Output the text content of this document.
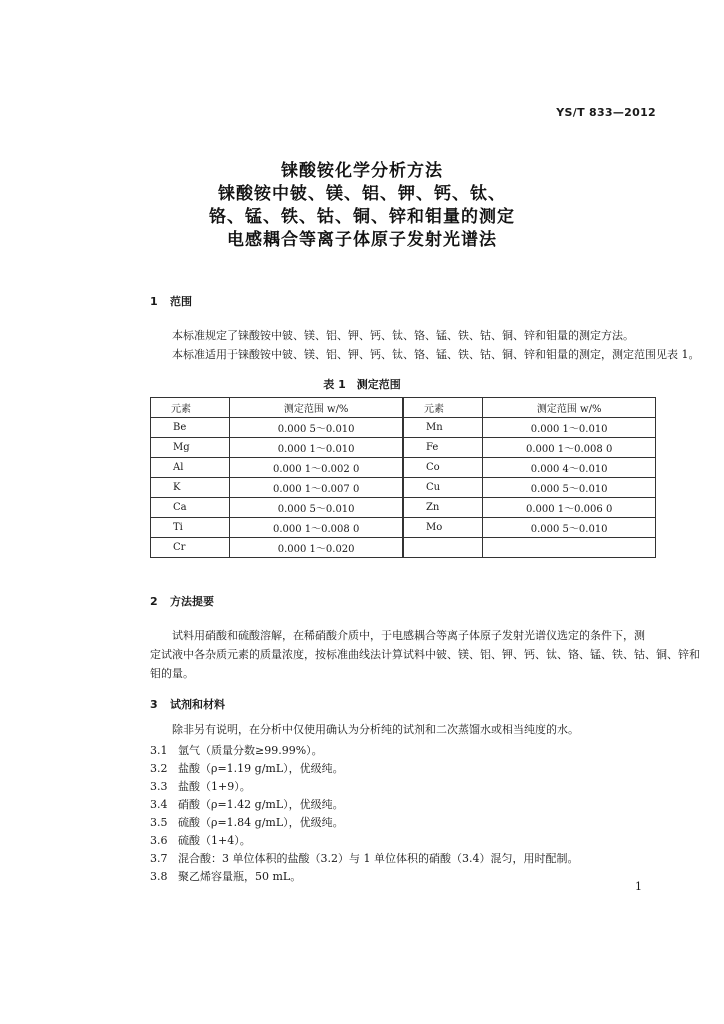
YS/T 833—2012
铼酸铵化学分析方法
铼酸铵中铍、镁、铝、钾、钙、钛、
铬、锰、铁、钴、铜、锌和钼量的测定
电感耦合等离子体原子发射光谱法
1 范围
本标准规定了铼酸铵中铍、镁、铝、钾、钙、钛、铬、锰、铁、钴、铜、锌和钼量的测定方法。
本标准适用于铼酸铵中铍、镁、铝、钾、钙、钛、铬、锰、铁、钴、铜、锌和钼量的测定，测定范围见表 1。
表 1　测定范围
元素	测定范围 w/%	元素	测定范围 w/%
Be	0.000 5～0.010	Mn	0.000 1～0.010
Mg	0.000 1～0.010	Fe	0.000 1～0.008 0
Al	0.000 1～0.002 0	Co	0.000 4～0.010
K	0.000 1～0.007 0	Cu	0.000 5～0.010
Ca	0.000 5～0.010	Zn	0.000 1～0.006 0
Ti	0.000 1～0.008 0	Mo	0.000 5～0.010
Cr	0.000 1～0.020		
2 方法提要
试料用硝酸和硫酸溶解，在稀硝酸介质中，于电感耦合等离子体原子发射光谱仪选定的条件下，测
定试液中各杂质元素的质量浓度，按标准曲线法计算试料中铍、镁、铝、钾、钙、钛、铬、锰、铁、钴、铜、锌和
钼的量。
3 试剂和材料
除非另有说明，在分析中仅使用确认为分析纯的试剂和二次蒸馏水或相当纯度的水。
3.1 氩气（质量分数≥99.99%）。
3.2 盐酸（ρ=1.19 g/mL），优级纯。
3.3 盐酸（1+9）。
3.4 硝酸（ρ=1.42 g/mL），优级纯。
3.5 硫酸（ρ=1.84 g/mL），优级纯。
3.6 硫酸（1+4）。
3.7 混合酸：3 单位体积的盐酸（3.2）与 1 单位体积的硝酸（3.4）混匀，用时配制。
3.8 聚乙烯容量瓶，50 mL。
1
